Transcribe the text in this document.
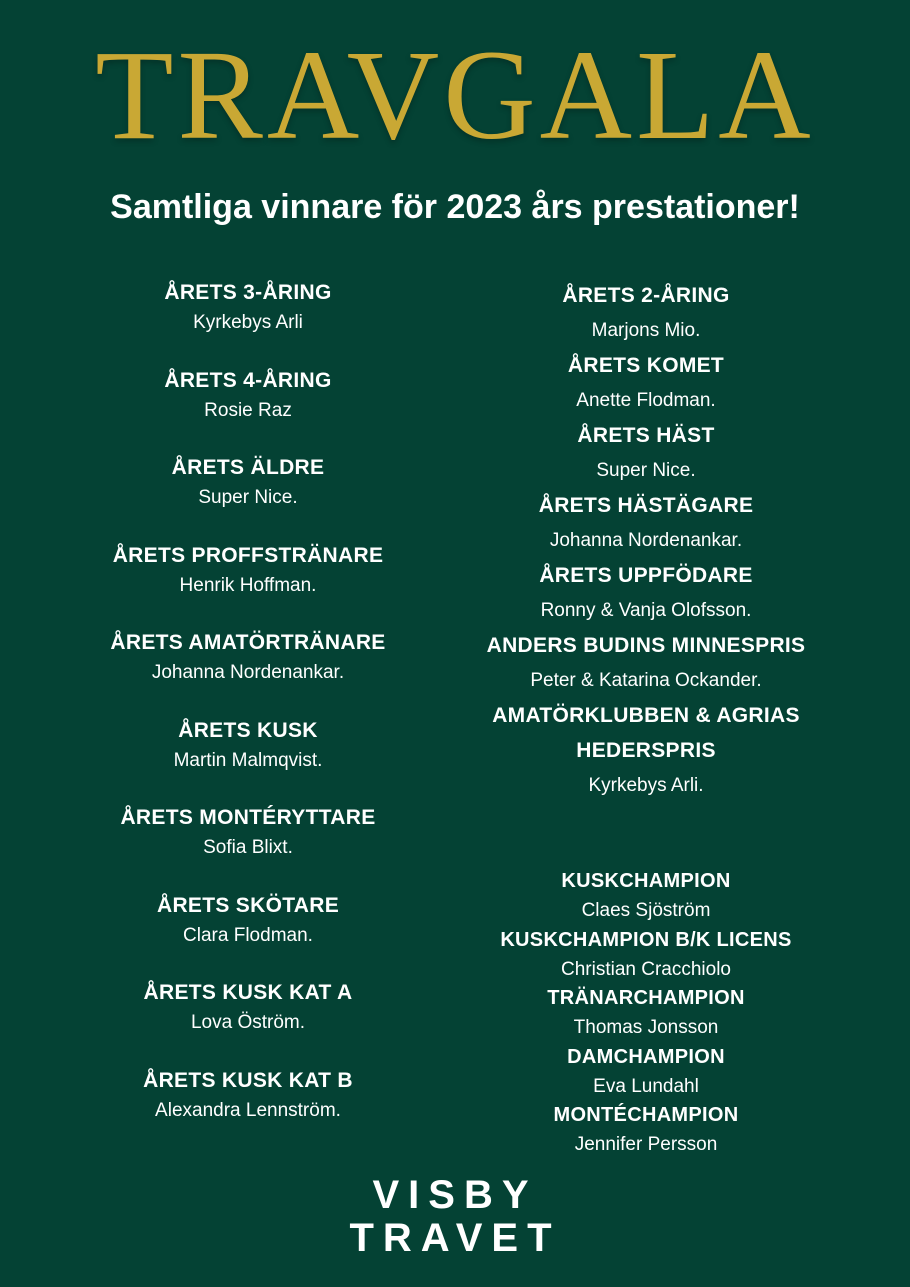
TRAVGALA
Samtliga vinnare för 2023 års prestationer!
ÅRETS 3-ÅRING
Kyrkebys Arli
ÅRETS 4-ÅRING
Rosie Raz
ÅRETS ÄLDRE
Super Nice.
ÅRETS PROFFSTRÄNARE
Henrik Hoffman.
ÅRETS AMATÖRTRÄNARE
Johanna Nordenankar.
ÅRETS KUSK
Martin Malmqvist.
ÅRETS MONTÉRYTTARE
Sofia Blixt.
ÅRETS SKÖTARE
Clara Flodman.
ÅRETS KUSK KAT A
Lova Öström.
ÅRETS KUSK KAT B
Alexandra Lennström.
ÅRETS 2-ÅRING
Marjons Mio.
ÅRETS KOMET
Anette Flodman.
ÅRETS HÄST
Super Nice.
ÅRETS HÄSTÄGARE
Johanna Nordenankar.
ÅRETS UPPFÖDARE
Ronny & Vanja Olofsson.
ANDERS BUDINS MINNESPRIS
Peter & Katarina Ockander.
AMATÖRKLUBBEN & AGRIAS
HEDERSPRIS
Kyrkebys Arli.
KUSKCHAMPION
Claes Sjöström
KUSKCHAMPION B/K LICENS
Christian Cracchiolo
TRÄNARCHAMPION
Thomas Jonsson
DAMCHAMPION
Eva Lundahl
MONTÉCHAMPION
Jennifer Persson
VISBY
TRAVET
